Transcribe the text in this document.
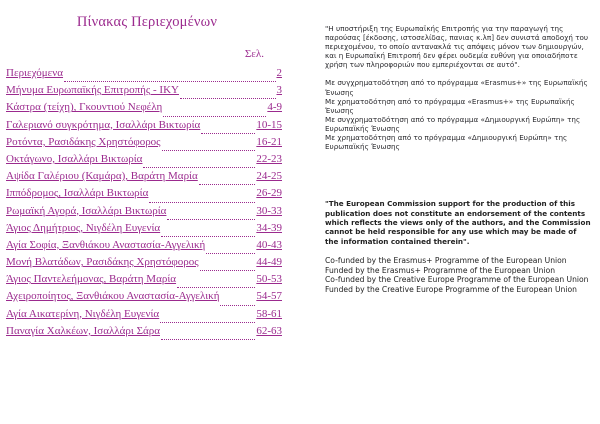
Πίνακας Περιεχομένων
Σελ.
Περιεχόμενα	2
Μήνυμα Ευρωπαϊκής Επιτροπής - ΙΚΥ	3
Κάστρα (τείχη), Γκουντιού Νεφέλη	4-9
Γαλεριανό συγκρότημα, Ισαλλάρι Βικτωρία	10-15
Ροτόντα, Ρασιδάκης Χρηστόφορος	16-21
Οκτάγωνο, Ισαλλάρι Βικτωρία	22-23
Αψίδα Γαλέριου (Καμάρα), Βαράτη Μαρία	24-25
Ιππόδρομος, Ισαλλάρι Βικτωρία	26-29
Ρωμαϊκή Αγορά, Ισαλλάρι Βικτωρία	30-33
Άγιος Δημήτριος, Νιγδέλη Ευγενία	34-39
Αγία Σοφία, Ξανθιάκου Αναστασία-Αγγελική	40-43
Μονή Βλατάδων, Ρασιδάκης Χρηστόφορος	44-49
Άγιος Παντελεήμονας, Βαράτη Μαρία	50-53
Αχειροποίητος, Ξανθιάκου Αναστασία-Αγγελική	54-57
Αγία Αικατερίνη, Νιγδέλη Ευγενία	58-61
Παναγία Χαλκέων, Ισαλλάρι Σάρα	62-63

"Η υποστήριξη της Ευρωπαϊκής Επιτροπής για την παραγωγή της παρούσας [έκδοσης, ιστοσελίδας, πανιας κ.λπ] δεν συνιστά αποδοχή του περιεχομένου, το οποίο αντανακλά τις απόψεις μόνον των δημιουργών, και η Ευρωπαϊκή Επιτροπή δεν φέρει ουδεμία ευθύνη για οποιαδήποτε χρήση των πληροφοριών που εμπεριέχονται σε αυτό".

Με συγχρηματοδότηση από το πρόγραμμα «Erasmus+» της Ευρωπαϊκής Ένωσης
Με χρηματοδότηση από το πρόγραμμα «Erasmus+» της Ευρωπαϊκής Ένωσης
Με συγχρηματοδότηση από το πρόγραμμα «Δημιουργική Ευρώπη» της Ευρωπαϊκής Ένωσης
Με χρηματοδότηση από το πρόγραμμα «Δημιουργική Ευρώπη» της Ευρωπαϊκής Ένωσης

"The European Commission support for the production of this publication does not constitute an endorsement of the contents which reflects the views only of the authors, and the Commission cannot be held responsible for any use which may be made of the information contained therein".

Co-funded by the Erasmus+ Programme of the European Union
Funded by the Erasmus+ Programme of the European Union
Co-funded by the Creative Europe Programme of the European Union
Funded by the Creative Europe Programme of the European Union
